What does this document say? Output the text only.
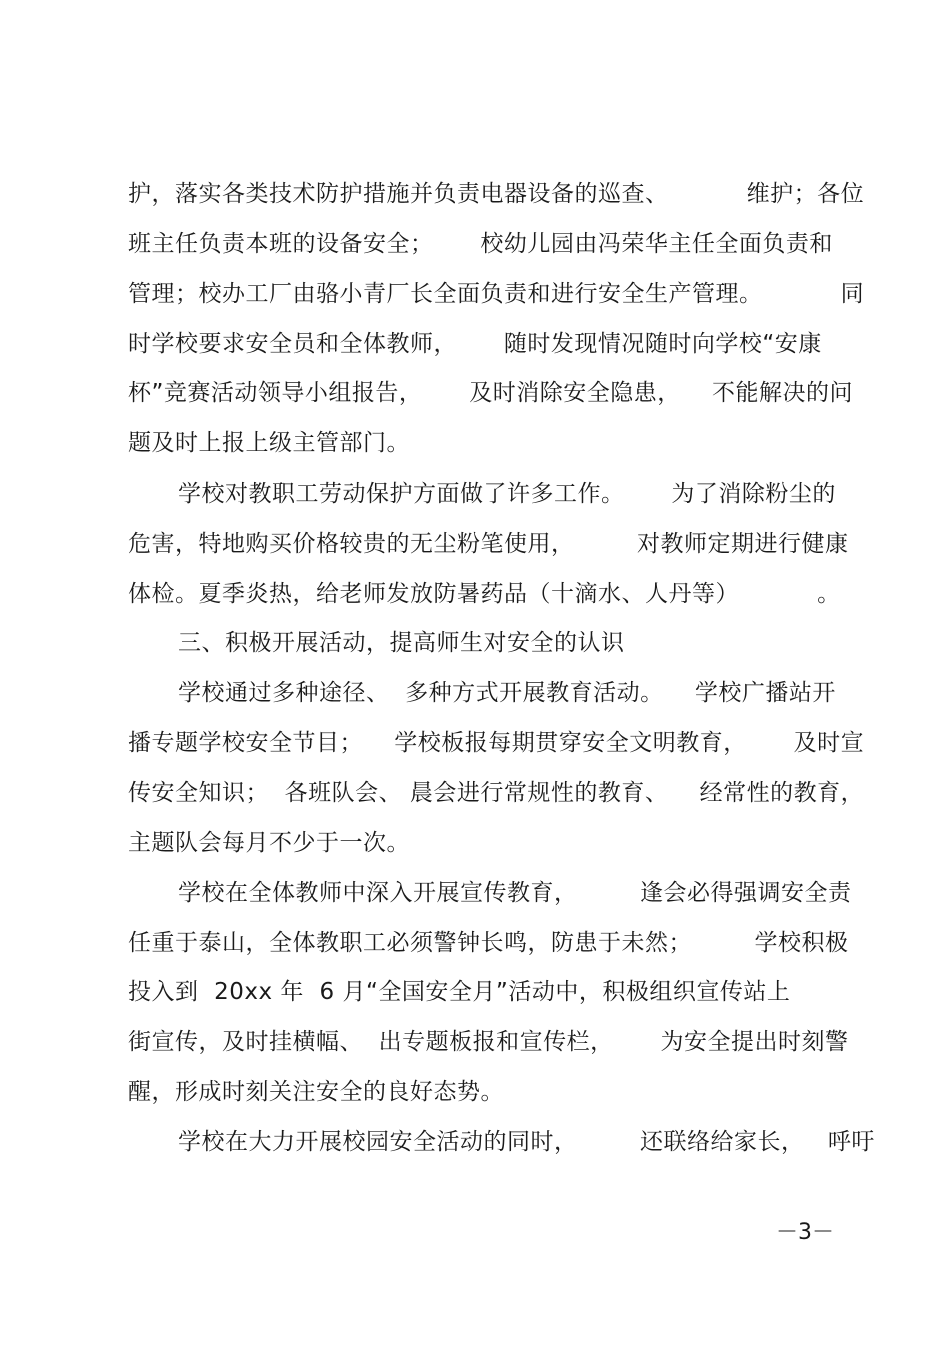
护，落实各类技术防护措施并负责电器设备的巡查、          维护；各位
班主任负责本班的设备安全；      校幼儿园由冯荣华主任全面负责和
管理；校办工厂由骆小青厂长全面负责和进行安全生产管理。          同
时学校要求安全员和全体教师，      随时发现情况随时向学校“安康
杯”竞赛活动领导小组报告，      及时消除安全隐患，    不能解决的问
题及时上报上级主管部门。
学校对教职工劳动保护方面做了许多工作。      为了消除粉尘的
危害，特地购买价格较贵的无尘粉笔使用，        对教师定期进行健康
体检。夏季炎热，给老师发放防暑药品（十滴水、人丹等）          。
三、积极开展活动，提高师生对安全的认识
学校通过多种途径、  多种方式开展教育活动。    学校广播站开
播专题学校安全节目；    学校板报每期贯穿安全文明教育，      及时宣
传安全知识；  各班队会、 晨会进行常规性的教育、    经常性的教育，
主题队会每月不少于一次。
学校在全体教师中深入开展宣传教育，        逢会必得强调安全责
任重于泰山，全体教职工必须警钟长鸣，防患于未然；        学校积极
投入到  20xx 年  6 月“全国安全月”活动中，积极组织宣传站上
街宣传，及时挂横幅、  出专题板报和宣传栏，      为安全提出时刻警
醒，形成时刻关注安全的良好态势。
学校在大力开展校园安全活动的同时，        还联络给家长，   呼吁
－3－
